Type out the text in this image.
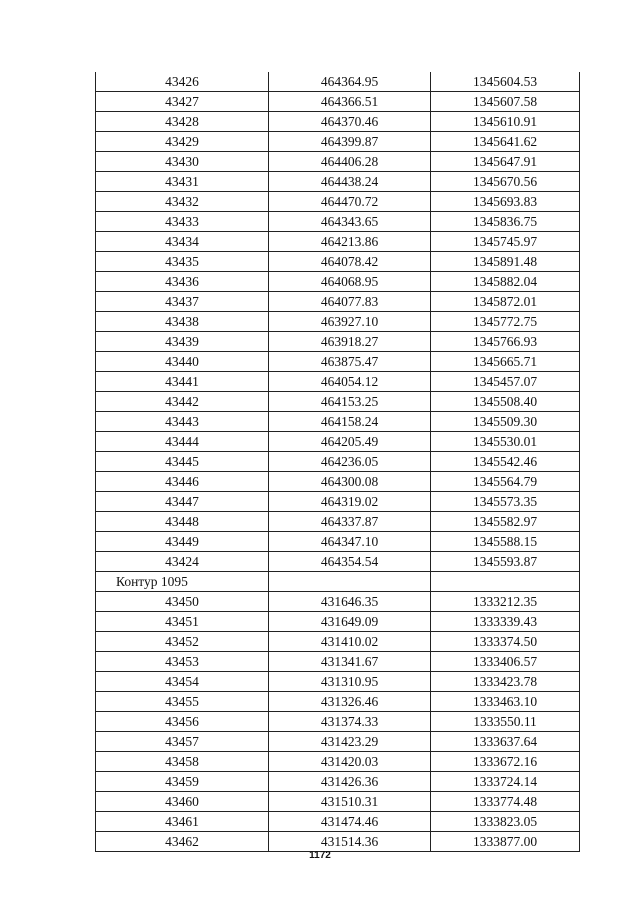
43426	464364.95	1345604.53
43427	464366.51	1345607.58
43428	464370.46	1345610.91
43429	464399.87	1345641.62
43430	464406.28	1345647.91
43431	464438.24	1345670.56
43432	464470.72	1345693.83
43433	464343.65	1345836.75
43434	464213.86	1345745.97
43435	464078.42	1345891.48
43436	464068.95	1345882.04
43437	464077.83	1345872.01
43438	463927.10	1345772.75
43439	463918.27	1345766.93
43440	463875.47	1345665.71
43441	464054.12	1345457.07
43442	464153.25	1345508.40
43443	464158.24	1345509.30
43444	464205.49	1345530.01
43445	464236.05	1345542.46
43446	464300.08	1345564.79
43447	464319.02	1345573.35
43448	464337.87	1345582.97
43449	464347.10	1345588.15
43424	464354.54	1345593.87
Контур 1095		
43450	431646.35	1333212.35
43451	431649.09	1333339.43
43452	431410.02	1333374.50
43453	431341.67	1333406.57
43454	431310.95	1333423.78
43455	431326.46	1333463.10
43456	431374.33	1333550.11
43457	431423.29	1333637.64
43458	431420.03	1333672.16
43459	431426.36	1333724.14
43460	431510.31	1333774.48
43461	431474.46	1333823.05
43462	431514.36	1333877.00
1172
